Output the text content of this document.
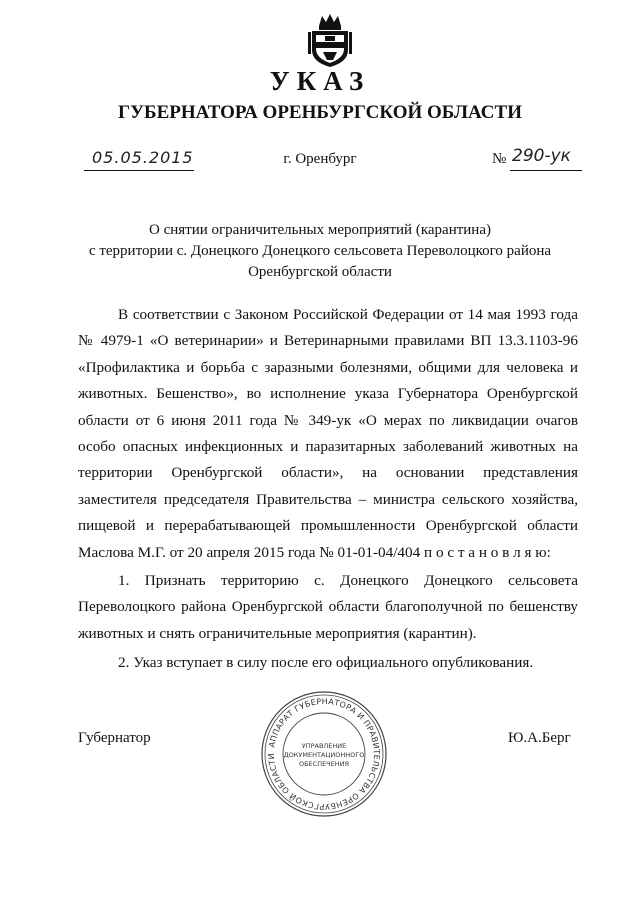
УКАЗ
ГУБЕРНАТОРА ОРЕНБУРГСКОЙ ОБЛАСТИ
05.05.2015	г. Оренбург	№ 290-ук
О снятии ограничительных мероприятий (карантина)
с территории с. Донецкого Донецкого сельсовета Переволоцкого района
Оренбургской области

В соответствии с Законом Российской Федерации от 14 мая 1993 года № 4979-1 «О ветеринарии» и Ветеринарными правилами ВП 13.3.1103-96 «Профилактика и борьба с заразными болезнями, общими для человека и животных. Бешенство», во исполнение указа Губернатора Оренбургской области от 6 июня 2011 года № 349-ук «О мерах по ликвидации очагов особо опасных инфекционных и паразитарных заболеваний животных на территории Оренбургской области», на основании представления заместителя председателя Правительства – министра сельского хозяйства, пищевой и перерабатывающей промышленности Оренбургской области Маслова М.Г. от 20 апреля 2015 года № 01-01-04/404 п о с т а н о в л я ю:

1. Признать территорию с. Донецкого Донецкого сельсовета Переволоцкого района Оренбургской области благополучной по бешенству животных и снять ограничительные мероприятия (карантин).

2. Указ вступает в силу после его официального опубликования.

Губернатор	Ю.А.Берг
АППАРАТ ГУБЕРНАТОРА И ПРАВИТЕЛЬСТВА ОРЕНБУРГСКОЙ ОБЛАСТИ
УПРАВЛЕНИЕ
ДОКУМЕНТАЦИОННОГО
ОБЕСПЕЧЕНИЯ
